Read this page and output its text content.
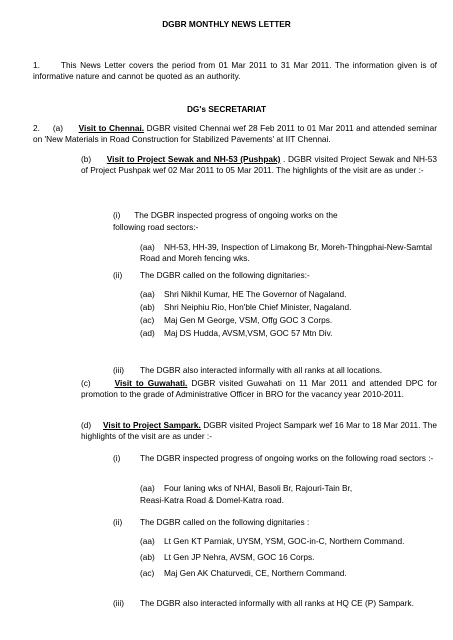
DGBR MONTHLY NEWS LETTER
1.	This News Letter covers the period from 01 Mar 2011 to 31 Mar 2011. The information given is of informative nature and cannot be quoted as an authority.
DG's SECRETARIAT
2. (a) Visit to Chennai. DGBR visited Chennai wef 28 Feb 2011 to 01 Mar 2011 and attended seminar on 'New Materials in Road Construction for Stabilized Pavements' at IIT Chennai.
(b) Visit to Project Sewak and NH-53 (Pushpak) . DGBR visited Project Sewak and NH-53 of Project Pushpak wef 02 Mar 2011 to 05 Mar 2011. The highlights of the visit are as under :-
(i) The DGBR inspected progress of ongoing works on the
following road sectors:-
(aa) NH-53, HH-39, Inspection of Limakong Br, Moreh-Thingphai-New-Samtal Road and Moreh fencing wks.
(ii) The DGBR called on the following dignitaries:-
(aa) Shri Nikhil Kumar, HE The Governor of Nagaland.
(ab) Shri Neiphiu Rio, Hon'ble Chief Minister, Nagaland.
(ac) Maj Gen M George, VSM, Offg GOC 3 Corps.
(ad) Maj DS Hudda, AVSM,VSM, GOC 57 Mtn Div.
(iii) The DGBR also interacted informally with all ranks at all locations.
(c)	Visit to Guwahati. DGBR visited Guwahati on 11 Mar 2011 and attended DPC for promotion to the grade of Administrative Officer in BRO for the vacancy year 2010-2011.
(d) Visit to Project Sampark. DGBR visited Project Sampark wef 16 Mar to 18 Mar 2011. The highlights of the visit are as under :-
(i) The DGBR inspected progress of ongoing works on the following road sectors :-
(aa) Four laning wks of NHAI, Basoli Br, Rajouri-Tain Br,
Reasi-Katra Road & Domel-Katra road.
(ii) The DGBR called on the following dignitaries :
(aa) Lt Gen KT Parniak, UYSM, YSM, GOC-in-C, Northern Command.
(ab) Lt Gen JP Nehra, AVSM, GOC 16 Corps.
(ac) Maj Gen AK Chaturvedi, CE, Northern Command.
(iii) The DGBR also interacted informally with all ranks at HQ CE (P) Sampark.
